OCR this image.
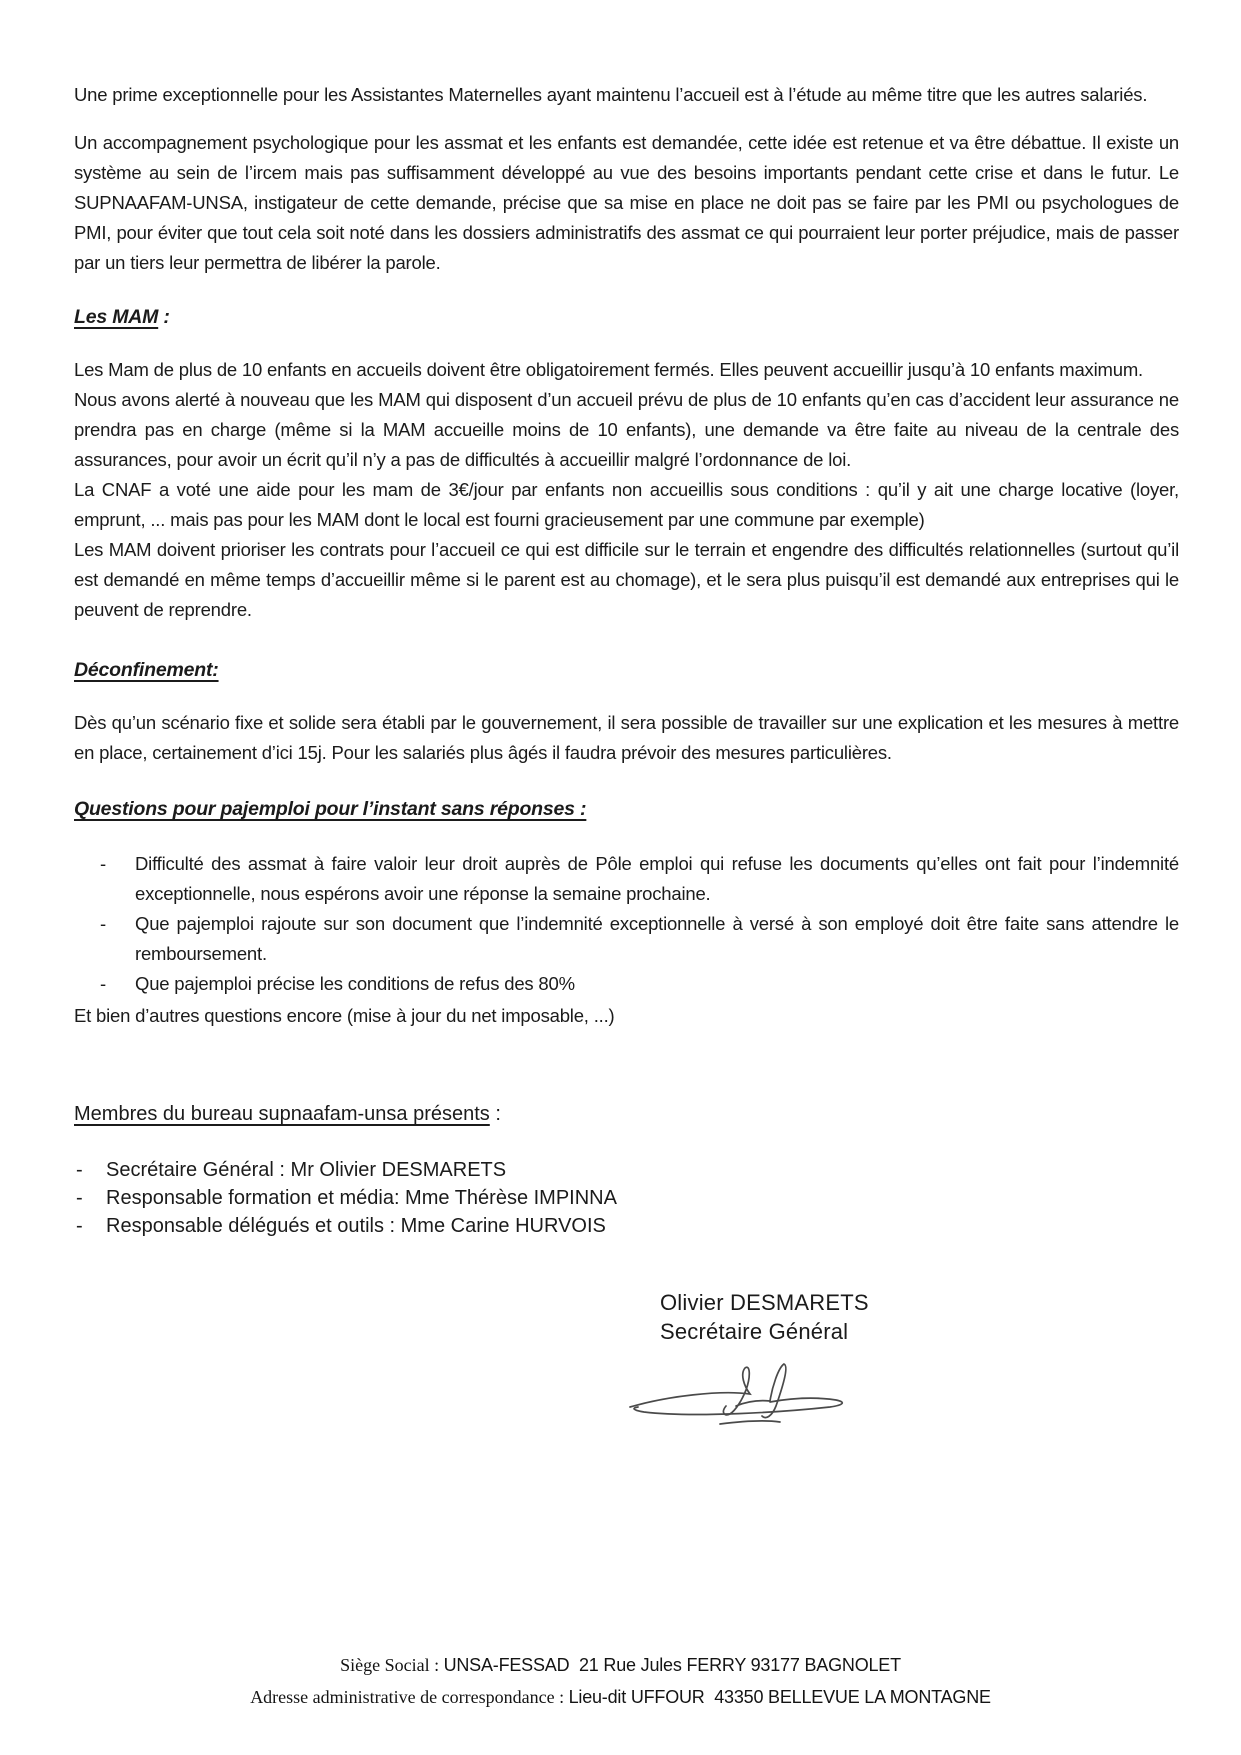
Une prime exceptionnelle pour les Assistantes Maternelles ayant maintenu l’accueil est à l’étude au même titre que les autres salariés.

Un accompagnement psychologique pour les assmat et les enfants est demandée, cette idée est retenue et va être débattue. Il existe un système au sein de l’ircem mais pas suffisamment développé au vue des besoins importants pendant cette crise et dans le futur. Le SUPNAAFAM-UNSA, instigateur de cette demande, précise que sa mise en place ne doit pas se faire par les PMI ou psychologues de PMI, pour éviter que tout cela soit noté dans les dossiers administratifs des assmat ce qui pourraient leur porter préjudice, mais de passer par un tiers leur permettra de libérer la parole.

Les MAM :

Les Mam de plus de 10 enfants en accueils doivent être obligatoirement fermés. Elles peuvent accueillir jusqu’à 10 enfants maximum.

Nous avons alerté à nouveau que les MAM qui disposent d’un accueil prévu de plus de 10 enfants qu’en cas d’accident leur assurance ne prendra pas en charge (même si la MAM accueille moins de 10 enfants), une demande va être faite au niveau de la centrale des assurances, pour avoir un écrit qu’il n’y a pas de difficultés à accueillir malgré l’ordonnance de loi.

La CNAF a voté une aide pour les mam de 3€/jour par enfants non accueillis sous conditions : qu’il y ait une charge locative (loyer, emprunt, ... mais pas pour les MAM dont le local est fourni gracieusement par une commune par exemple)

Les MAM doivent prioriser les contrats pour l’accueil ce qui est difficile sur le terrain et engendre des difficultés relationnelles (surtout qu’il est demandé en même temps d’accueillir même si le parent est au chomage), et le sera plus puisqu’il est demandé aux entreprises qui le peuvent de reprendre.

Déconfinement:

Dès qu’un scénario fixe et solide sera établi par le gouvernement, il sera possible de travailler sur une explication et les mesures à mettre en place, certainement d’ici 15j. Pour les salariés plus âgés il faudra prévoir des mesures particulières.

Questions pour pajemploi pour l’instant sans réponses :
-	Difficulté des assmat à faire valoir leur droit auprès de Pôle emploi qui refuse les documents qu’elles ont fait pour l’indemnité exceptionnelle, nous espérons avoir une réponse la semaine prochaine.
-	Que pajemploi rajoute sur son document que l’indemnité exceptionnelle à versé à son employé doit être faite sans attendre le remboursement.
-	Que pajemploi précise les conditions de refus des 80%

Et bien d’autres questions encore (mise à jour du net imposable, ...)

Membres du bureau supnaafam-unsa présents :
-	Secrétaire Général : Mr Olivier DESMARETS
-	Responsable formation et média: Mme Thérèse IMPINNA
-	Responsable délégués et outils : Mme Carine HURVOIS
Olivier DESMARETS
Secrétaire Général
Siège Social : UNSA-FESSAD  21 Rue Jules FERRY 93177 BAGNOLET
Adresse administrative de correspondance : Lieu-dit UFFOUR  43350 BELLEVUE LA MONTAGNE
